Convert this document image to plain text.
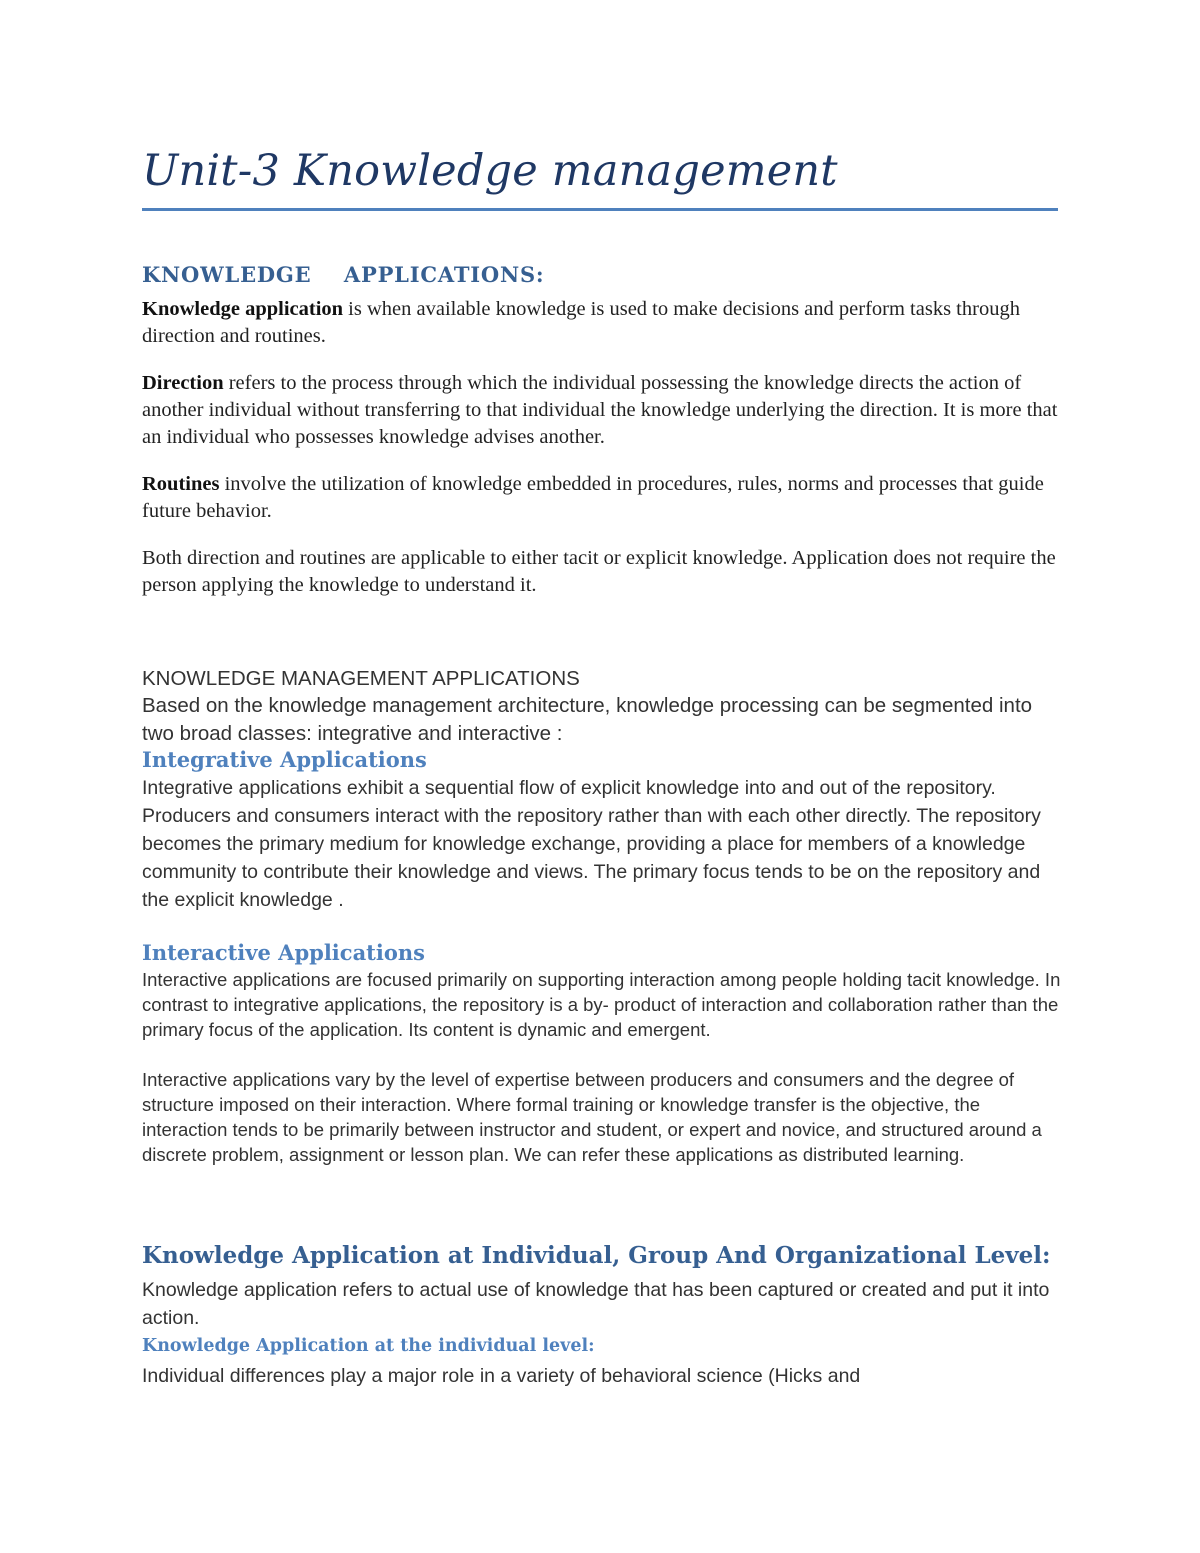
Unit-3 Knowledge management
KNOWLEDGE    APPLICATIONS:
Knowledge application is when available knowledge is used to make decisions and perform tasks through direction and routines.
Direction refers to the process through which the individual possessing the knowledge directs the action of another individual without transferring to that individual the knowledge underlying the direction. It is more that an individual who possesses knowledge advises another.
Routines involve the utilization of knowledge embedded in procedures, rules, norms and processes that guide future behavior.
Both direction and routines are applicable to either tacit or explicit knowledge. Application does not require the person applying the knowledge to understand it.
KNOWLEDGE MANAGEMENT APPLICATIONS
Based on the knowledge management architecture, knowledge processing can be segmented into two broad classes: integrative and interactive :
Integrative Applications
Integrative applications exhibit a sequential flow of explicit knowledge into and out of the repository. Producers and consumers interact with the repository rather than with each other directly. The repository becomes the primary medium for knowledge exchange, providing a place for members of a knowledge community to contribute their knowledge and views. The primary focus tends to be on the repository and the explicit knowledge .
Interactive Applications
Interactive applications are focused primarily on supporting interaction among people holding tacit knowledge. In contrast to integrative applications, the repository is a by- product of interaction and collaboration rather than the primary focus of the application. Its content is dynamic and emergent.
Interactive applications vary by the level of expertise between producers and consumers and the degree of structure imposed on their interaction. Where formal training or knowledge transfer is the objective, the interaction tends to be primarily between instructor and student, or expert and novice, and structured around a discrete problem, assignment or lesson plan. We can refer these applications as distributed learning.
Knowledge Application at Individual, Group And Organizational Level:
Knowledge application refers to actual use of knowledge that has been captured or created and put it into action.
Knowledge Application at the individual level:
Individual differences play a major role in a variety of behavioral science (Hicks and
